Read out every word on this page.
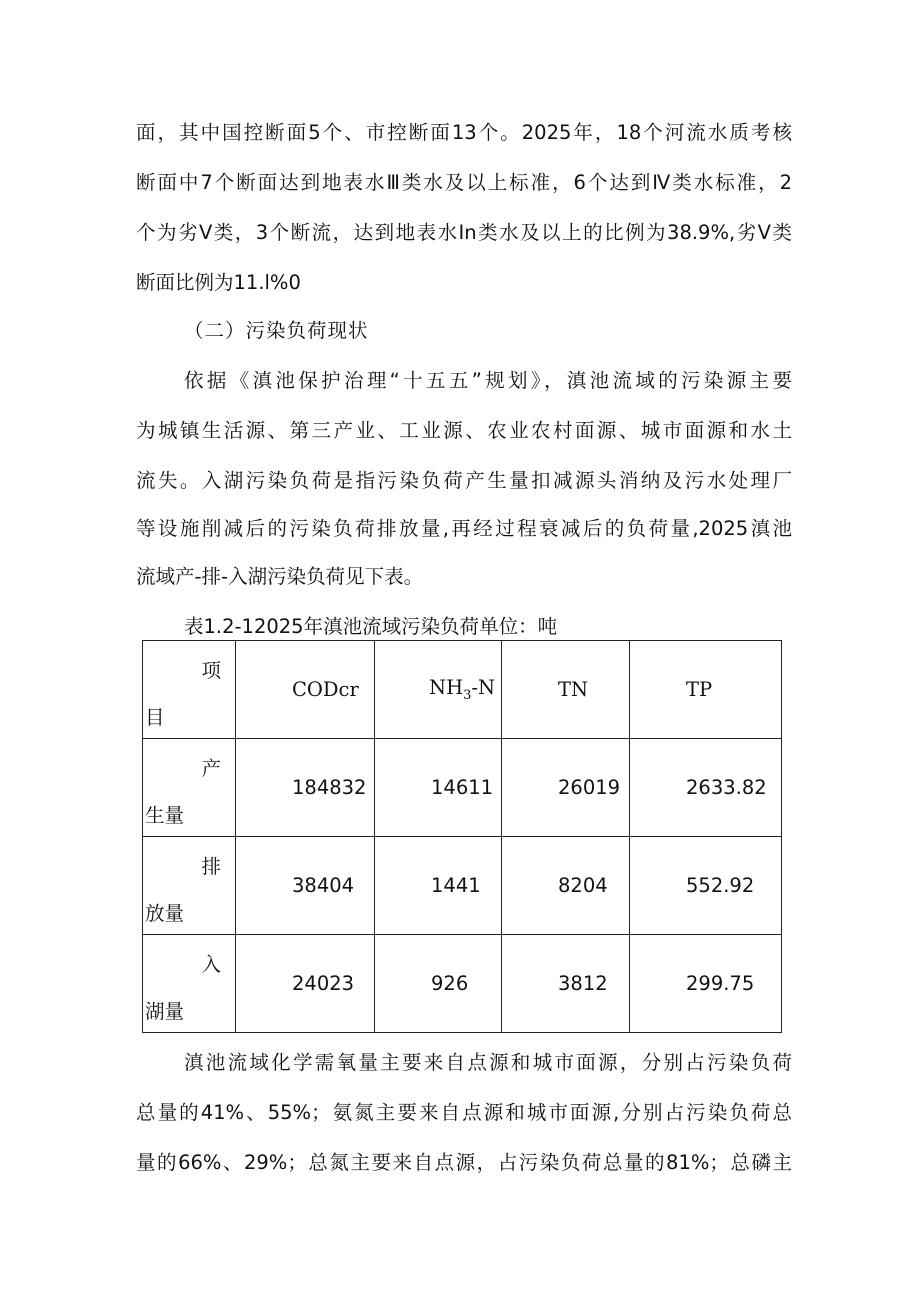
面，其中国控断面5个、市控断面13个。2025年，18个河流水质考核
断面中7个断面达到地表水Ⅲ类水及以上标准，6个达到Ⅳ类水标准，2
个为劣Ⅴ类，3个断流，达到地表水In类水及以上的比例为38.9%,劣Ⅴ类
断面比例为11.l%0
（二）污染负荷现状
依据《滇池保护治理“十五五”规划》，滇池流域的污染源主要
为城镇生活源、第三产业、工业源、农业农村面源、城市面源和水土
流失。入湖污染负荷是指污染负荷产生量扣减源头消纳及污水处理厂
等设施削减后的污染负荷排放量,再经过程衰减后的负荷量,2025滇池
流域产-排-入湖污染负荷见下表。
表1.2-12025年滇池流域污染负荷单位：吨
项
目	CODcr	$NH_3-N$	TN	TP

产
生量	184832	14611	26019	2633.82

排
放量	38404	1441	8204	552.92

入
湖量	24023	926	3812	299.75
滇池流域化学需氧量主要来自点源和城市面源，分别占污染负荷
总量的41%、55%；氨氮主要来自点源和城市面源,分别占污染负荷总
量的66%、29%；总氮主要来自点源，占污染负荷总量的81%；总磷主
